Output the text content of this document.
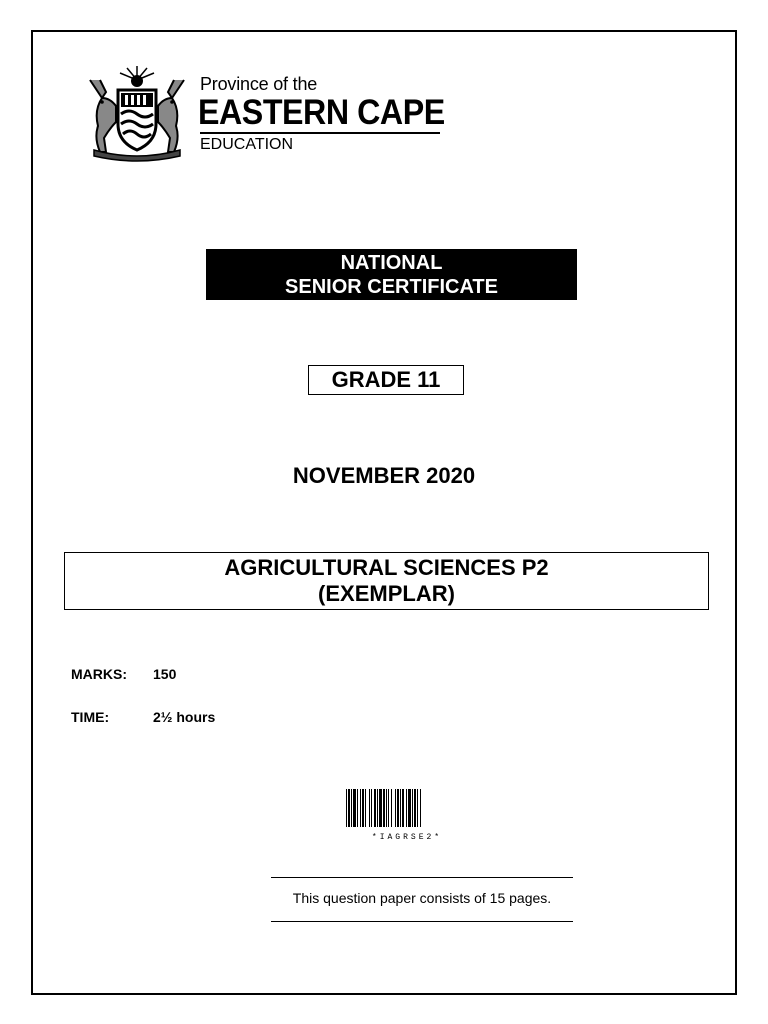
Province of the
EASTERN CAPE
EDUCATION
NATIONAL
SENIOR CERTIFICATE
GRADE 11
NOVEMBER 2020
AGRICULTURAL SCIENCES P2
(EXEMPLAR)
MARKS: 150
TIME:	2½ hours
*IAGRSE2*
This question paper consists of 15 pages.
